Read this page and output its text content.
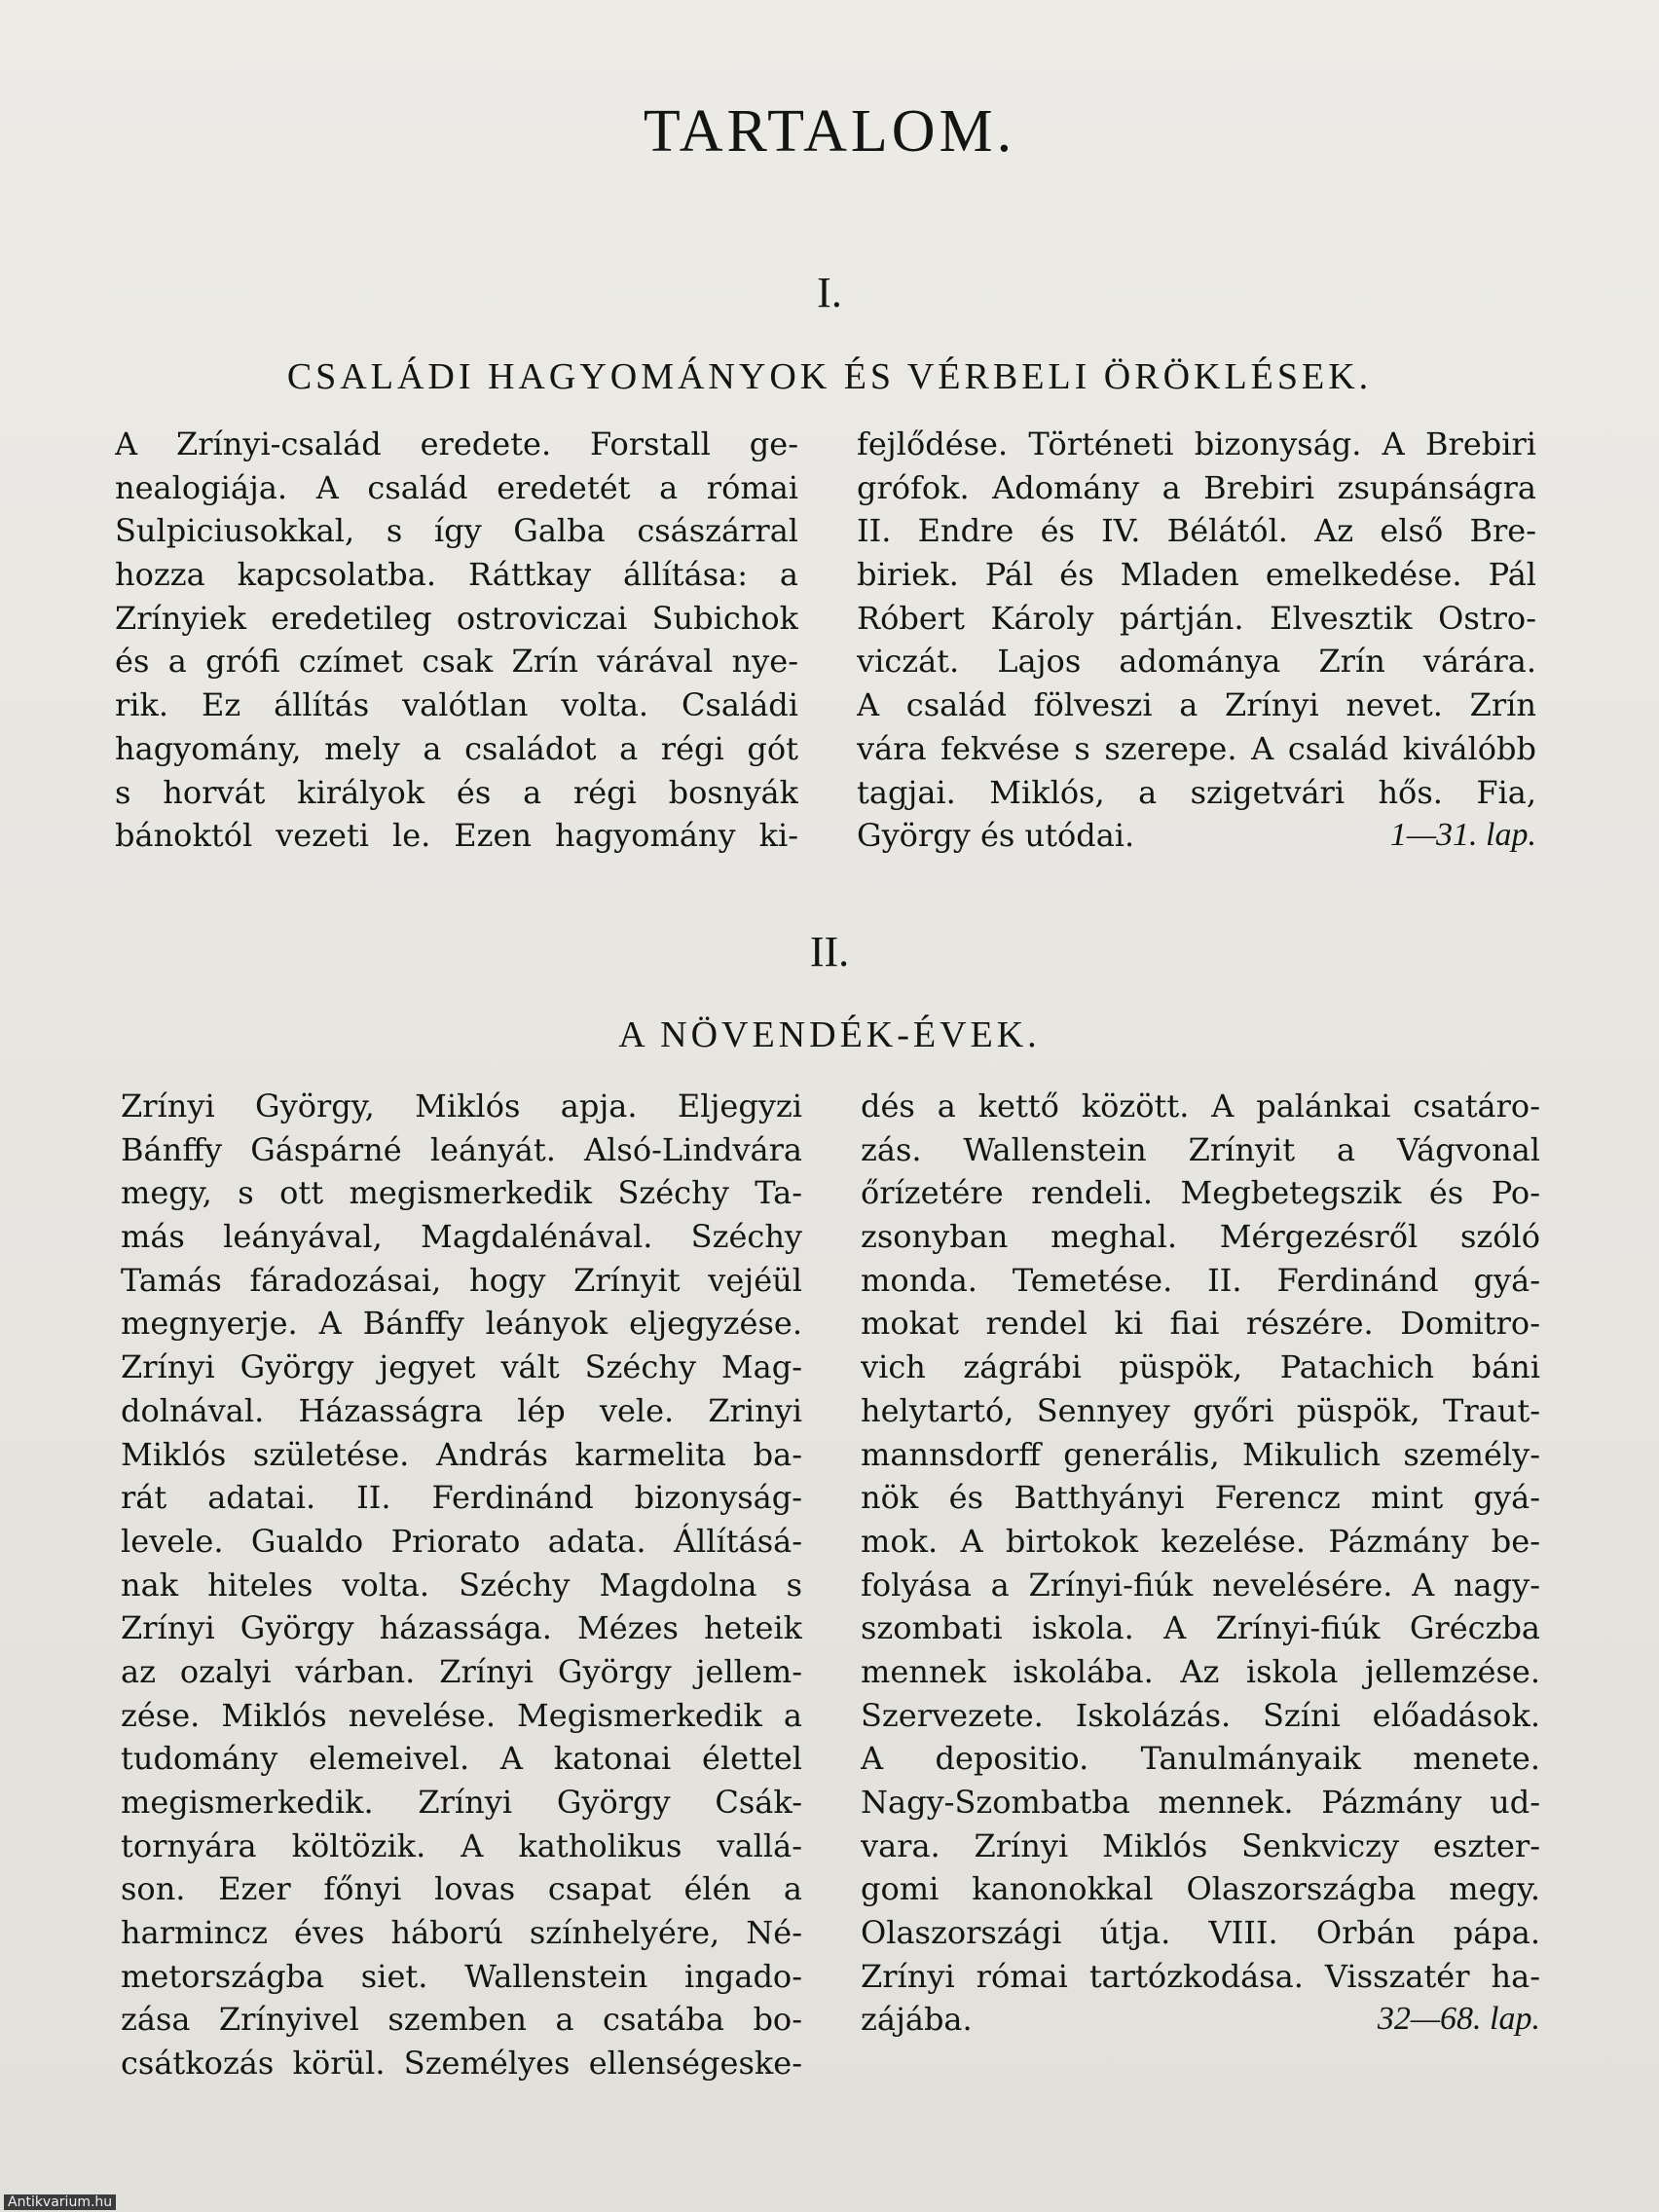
TARTALOM.
I.
CSALÁDI HAGYOMÁNYOK ÉS VÉRBELI ÖRÖKLÉSEK.
A Zrínyi-család eredete. Forstall ge-
nealogiája. A család eredetét a római
Sulpiciusokkal, s így Galba császárral
hozza kapcsolatba. Ráttkay állítása: a
Zrínyiek eredetileg ostroviczai Subichok
és a grófi czímet csak Zrín várával nye-
rik. Ez állítás valótlan volta. Családi
hagyomány, mely a családot a régi gót
s horvát királyok és a régi bosnyák
bánoktól vezeti le. Ezen hagyomány ki-
fejlődése. Történeti bizonyság. A Brebiri
grófok. Adomány a Brebiri zsupánságra
II. Endre és IV. Bélától. Az első Bre-
biriek. Pál és Mladen emelkedése. Pál
Róbert Károly pártján. Elvesztik Ostro-
viczát. Lajos adománya Zrín várára.
A család fölveszi a Zrínyi nevet. Zrín
vára fekvése s szerepe. A család kiválóbb
tagjai. Miklós, a szigetvári hős. Fia,
György és utódai.	1—31. lap.
II.
A NÖVENDÉK-ÉVEK.
Zrínyi György, Miklós apja. Eljegyzi
Bánffy Gáspárné leányát. Alsó-Lindvára
megy, s ott megismerkedik Széchy Ta-
más leányával, Magdalénával. Széchy
Tamás fáradozásai, hogy Zrínyit vejéül
megnyerje. A Bánffy leányok eljegyzése.
Zrínyi György jegyet vált Széchy Mag-
dolnával. Házasságra lép vele. Zrinyi
Miklós születése. András karmelita ba-
rát adatai. II. Ferdinánd bizonyság-
levele. Gualdo Priorato adata. Állításá-
nak hiteles volta. Széchy Magdolna s
Zrínyi György házassága. Mézes heteik
az ozalyi várban. Zrínyi György jellem-
zése. Miklós nevelése. Megismerkedik a
tudomány elemeivel. A katonai élettel
megismerkedik. Zrínyi György Csák-
tornyára költözik. A katholikus vallá-
son. Ezer főnyi lovas csapat élén a
harmincz éves háború színhelyére, Né-
metországba siet. Wallenstein ingado-
zása Zrínyivel szemben a csatába bo-
csátkozás körül. Személyes ellenségeske-
dés a kettő között. A palánkai csatáro-
zás. Wallenstein Zrínyit a Vágvonal
őrízetére rendeli. Megbetegszik és Po-
zsonyban meghal. Mérgezésről szóló
monda. Temetése. II. Ferdinánd gyá-
mokat rendel ki fiai részére. Domitro-
vich zágrábi püspök, Patachich báni
helytartó, Sennyey győri püspök, Traut-
mannsdorff generális, Mikulich személy-
nök és Batthyányi Ferencz mint gyá-
mok. A birtokok kezelése. Pázmány be-
folyása a Zrínyi-fiúk nevelésére. A nagy-
szombati iskola. A Zrínyi-fiúk Gréczba
mennek iskolába. Az iskola jellemzése.
Szervezete. Iskolázás. Színi előadások.
A depositio. Tanulmányaik menete.
Nagy-Szombatba mennek. Pázmány ud-
vara. Zrínyi Miklós Senkviczy eszter-
gomi kanonokkal Olaszországba megy.
Olaszországi útja. VIII. Orbán pápa.
Zrínyi római tartózkodása. Visszatér ha-
zájába.	32—68. lap.
Antikvarium.hu
